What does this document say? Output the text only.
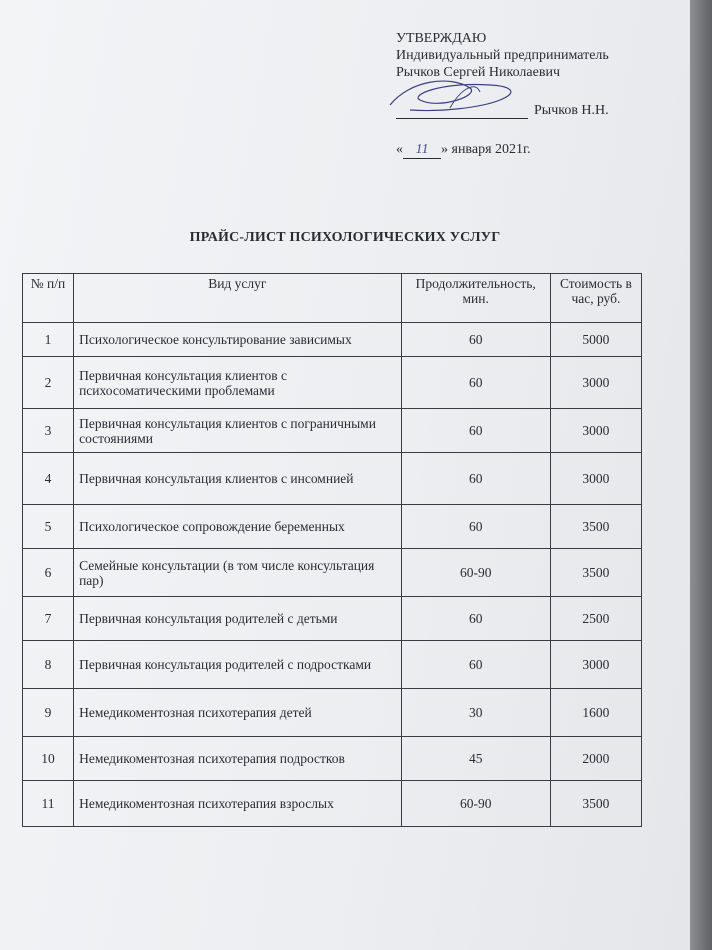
УТВЕРЖДАЮ
Индивидуальный предприниматель
Рычков Сергей Николаевич
Рычков Н.Н.
« 11 » января 2021г.
ПРАЙС-ЛИСТ ПСИХОЛОГИЧЕСКИХ УСЛУГ
№ п/п	Вид услуг	Продолжительность, мин.	Стоимость в час, руб.
1	Психологическое консультирование зависимых	60	5000
2	Первичная консультация клиентов с психосоматическими проблемами	60	3000
3	Первичная консультация клиентов с пограничными состояниями	60	3000
4	Первичная консультация клиентов с инсомнией	60	3000
5	Психологическое сопровождение беременных	60	3500
6	Семейные консультации (в том числе консультация пар)	60-90	3500
7	Первичная консультация родителей с детьми	60	2500
8	Первичная консультация родителей с подростками	60	3000
9	Немедикоментозная психотерапия детей	30	1600
10	Немедикоментозная психотерапия подростков	45	2000
11	Немедикоментозная психотерапия взрослых	60-90	3500
